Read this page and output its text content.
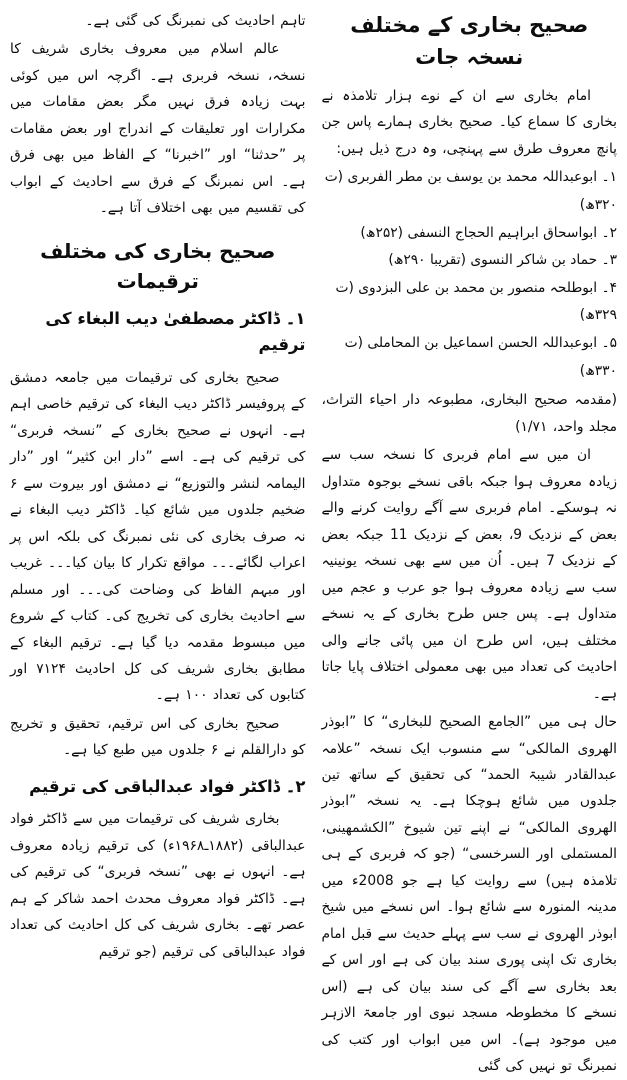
صحیح بخاری کے مختلف نسخہ جات

امام بخاری سے ان کے نوے ہزار تلامذہ نے بخاری کا سماع کیا۔ صحیح بخاری ہمارے پاس جن پانچ معروف طرق سے پہنچی، وہ درج ذیل ہیں:

۱۔ ابوعبداللہ محمد بن یوسف بن مطر الفربری (ت ۳۲۰ھ)
۲۔ ابواسحاق ابراہیم الحجاج النسفی (۲۵۲ھ)
۳۔ حماد بن شاکر النسوی (تقریبا ۲۹۰ھ)
۴۔ ابوطلحہ منصور بن محمد بن علی البزدوی (ت ۳۲۹ھ)
۵۔ ابوعبداللہ الحسن اسماعیل بن المحاملی (ت ۳۳۰ھ)

(مقدمہ صحیح البخاری، مطبوعہ دار احیاء التراث، مجلد واحد، ۱/۷۱)

ان میں سے امام فربری کا نسخہ سب سے زیادہ معروف ہوا جبکہ باقی نسخے بوجوہ متداول نہ ہوسکے۔ امام فربری سے آگے روایت کرنے والے بعض کے نزدیک 9، بعض کے نزدیک 11 جبکہ بعض کے نزدیک 7 ہیں۔ اُن میں سے بھی نسخہ یونینیہ سب سے زیادہ معروف ہوا جو عرب و عجم میں متداول ہے۔ پس جس طرح بخاری کے یہ نسخے مختلف ہیں، اس طرح ان میں پائی جانے والی احادیث کی تعداد میں بھی معمولی اختلاف پایا جاتا ہے۔

حال ہی میں ”الجامع الصحیح للبخاری“ کا ”ابوذر الھروی المالکی“ سے منسوب ایک نسخہ ”علامہ عبدالقادر شیبۃ الحمد“ کی تحقیق کے ساتھ تین جلدوں میں شائع ہوچکا ہے۔ یہ نسخہ ”ابوذر الھروی المالکی“ نے اپنے تین شیوخ ”الکشمھینی، المستملی اور السرخسی“ (جو کہ فربری کے ہی تلامذہ ہیں) سے روایت کیا ہے جو 2008ء میں مدینہ المنورہ سے شائع ہوا۔ اس نسخے میں شیخ ابوذر الھروی نے سب سے پہلے حدیث سے قبل امام بخاری تک اپنی پوری سند بیان کی ہے اور اس کے بعد بخاری سے آگے کی سند بیان کی ہے (اس نسخے کا مخطوطہ مسجد نبوی اور جامعۃ الازہر میں موجود ہے)۔ اس میں ابواب اور کتب کی نمبرنگ تو نہیں کی گئی

تاہم احادیث کی نمبرنگ کی گئی ہے۔

عالم اسلام میں معروف بخاری شریف کا نسخہ، نسخہ فربری ہے۔ اگرچہ اس میں کوئی بہت زیادہ فرق نہیں مگر بعض مقامات میں مکرارات اور تعلیقات کے اندراج اور بعض مقامات پر ”حدثنا“ اور ”اخبرنا“ کے الفاظ میں بھی فرق ہے۔ اس نمبرنگ کے فرق سے احادیث کے ابواب کی تقسیم میں بھی اختلاف آتا ہے۔

صحیح بخاری کی مختلف ترقیمات
۱۔ ڈاکٹر مصطفیٰ دیب البغاء کی ترقیم

صحیح بخاری کی ترقیمات میں جامعہ دمشق کے پروفیسر ڈاکٹر دیب البغاء کی ترقیم خاصی اہم ہے۔ انہوں نے صحیح بخاری کے ”نسخہ فربری“ کی ترقیم کی ہے۔ اسے ”دار ابن کثیر“ اور ”دار الیمامہ لنشر والتوزیع“ نے دمشق اور بیروت سے ۶ ضخیم جلدوں میں شائع کیا۔ ڈاکٹر دیب البغاء نے نہ صرف بخاری کی نئی نمبرنگ کی بلکہ اس پر اعراب لگائے۔۔۔ مواقع تکرار کا بیان کیا۔۔۔ غریب اور مبہم الفاظ کی وضاحت کی۔۔۔ اور مسلم سے احادیث بخاری کی تخریج کی۔ کتاب کے شروع میں مبسوط مقدمہ دیا گیا ہے۔ ترقیم البغاء کے مطابق بخاری شریف کی کل احادیث ۷۱۲۴ اور کتابوں کی تعداد ۱۰۰ ہے۔

صحیح بخاری کی اس ترقیم، تحقیق و تخریج کو دارالقلم نے ۶ جلدوں میں طبع کیا ہے۔

۲۔ ڈاکٹر فواد عبدالباقی کی ترقیم

بخاری شریف کی ترقیمات میں سے ڈاکٹر فواد عبدالباقی (۱۸۸۲ـ۱۹۶۸ء) کی ترقیم زیادہ معروف ہے۔ انہوں نے بھی ”نسخہ فربری“ کی ترقیم کی ہے۔ ڈاکٹر فواد معروف محدث احمد شاکر کے ہم عصر تھے۔ بخاری شریف کی کل احادیث کی تعداد فواد عبدالباقی کی ترقیم (جو ترقیم
